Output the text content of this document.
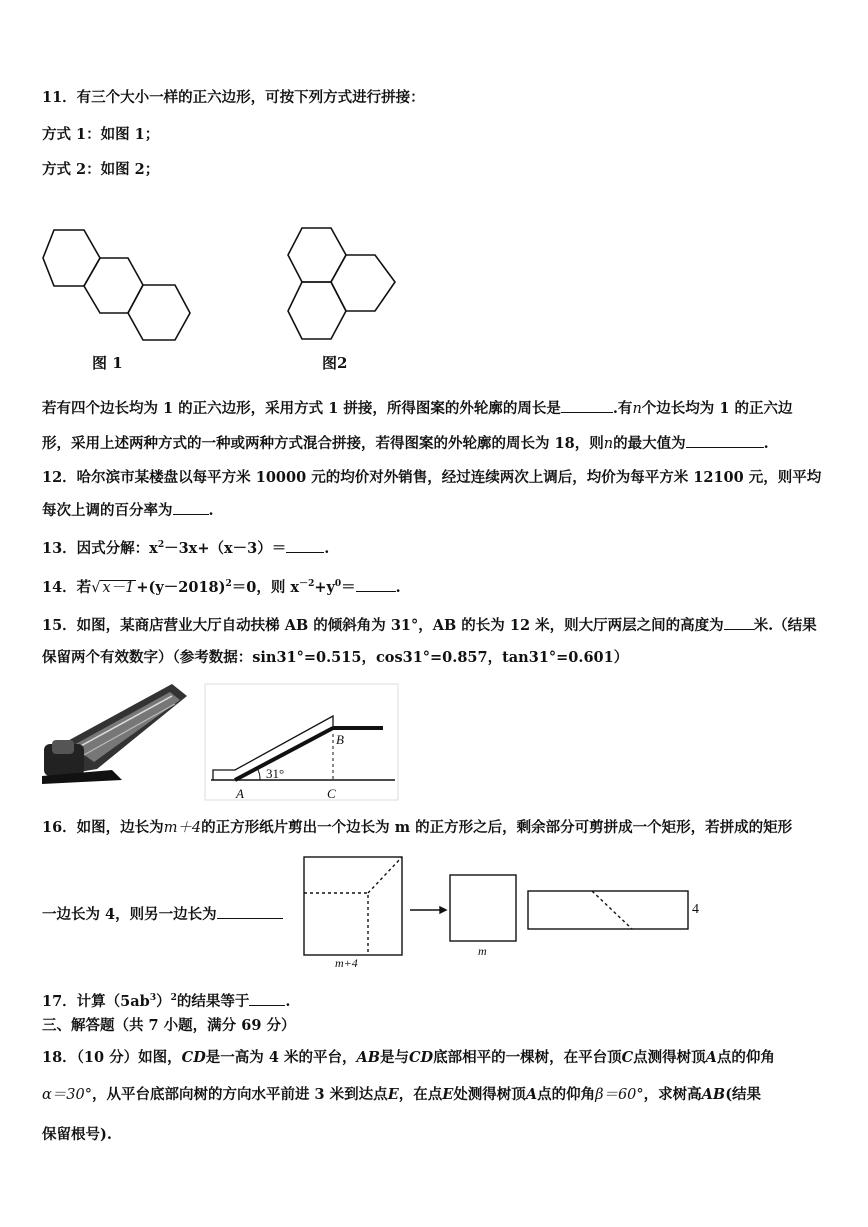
11．有三个大小一样的正六边形，可按下列方式进行拼接：
方式 1：如图 1；
方式 2：如图 2；
图 1	图2
若有四个边长均为 1 的正六边形，采用方式 1 拼接，所得图案的外轮廓的周长是	.有n个边长均为 1 的正六边
形，采用上述两种方式的一种或两种方式混合拼接，若得图案的外轮廓的周长为 18，则n的最大值为	.
12．哈尔滨市某楼盘以每平方米 10000 元的均价对外销售，经过连续两次上调后，均价为每平方米 12100 元，则平均
每次上调的百分率为 .
13．因式分解：$x^2-3x+(x-3)=$	.
14．若√ $x-1 +(y-2018)^2=0$，则 $x^{-2}+y^0=$	.
15．如图，某商店营业大厅自动扶梯 AB 的倾斜角为 31°，AB 的长为 12 米，则大厅两层之间的高度为 米.（结果
保留两个有效数字）（参考数据：sin31°=0.515，cos31°=0.857，tan31°=0.601）
B
A	C
31°
16．如图，边长为m＋4的正方形纸片剪出一个边长为 m 的正方形之后，剩余部分可剪拼成一个矩形，若拼成的矩形
一边长为 4，则另一边长为
m+4
m
4
17．计算$(5ab^3)^2$的结果等于 .
三、解答题（共 7 小题，满分 69 分）
18．（10 分）如图，CD是一高为 4 米的平台，AB是与CD底部相平的一棵树，在平台顶C点测得树顶A点的仰角
α＝30°，从平台底部向树的方向水平前进 3 米到达点E，在点E处测得树顶A点的仰角β＝60°，求树高AB(结果
保留根号).
